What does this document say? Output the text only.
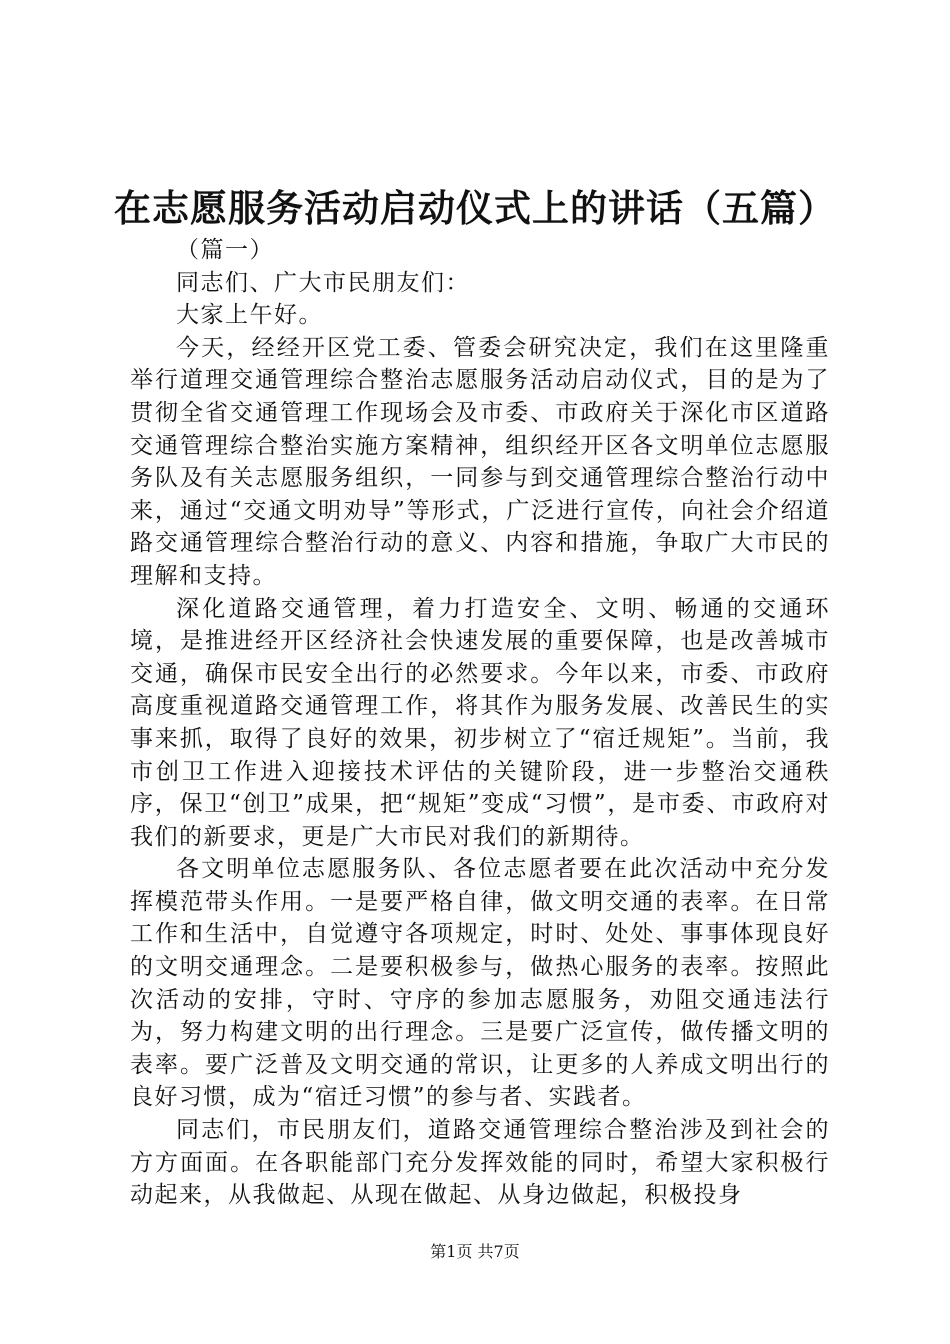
在志愿服务活动启动仪式上的讲话（五篇）

（篇一）

同志们、广大市民朋友们：

大家上午好。

今天，经经开区党工委、管委会研究决定，我们在这里隆重举行道理交通管理综合整治志愿服务活动启动仪式，目的是为了贯彻全省交通管理工作现场会及市委、市政府关于深化市区道路交通管理综合整治实施方案精神，组织经开区各文明单位志愿服务队及有关志愿服务组织，一同参与到交通管理综合整治行动中来，通过“交通文明劝导”等形式，广泛进行宣传，向社会介绍道路交通管理综合整治行动的意义、内容和措施，争取广大市民的理解和支持。

深化道路交通管理，着力打造安全、文明、畅通的交通环境，是推进经开区经济社会快速发展的重要保障，也是改善城市交通，确保市民安全出行的必然要求。今年以来，市委、市政府高度重视道路交通管理工作，将其作为服务发展、改善民生的实事来抓，取得了良好的效果，初步树立了“宿迁规矩”。当前，我市创卫工作进入迎接技术评估的关键阶段，进一步整治交通秩序，保卫“创卫”成果，把“规矩”变成“习惯”，是市委、市政府对我们的新要求，更是广大市民对我们的新期待。

各文明单位志愿服务队、各位志愿者要在此次活动中充分发挥模范带头作用。一是要严格自律，做文明交通的表率。在日常工作和生活中，自觉遵守各项规定，时时、处处、事事体现良好的文明交通理念。二是要积极参与，做热心服务的表率。按照此次活动的安排，守时、守序的参加志愿服务，劝阻交通违法行为，努力构建文明的出行理念。三是要广泛宣传，做传播文明的表率。要广泛普及文明交通的常识，让更多的人养成文明出行的良好习惯，成为“宿迁习惯”的参与者、实践者。

同志们，市民朋友们，道路交通管理综合整治涉及到社会的方方面面。在各职能部门充分发挥效能的同时，希望大家积极行动起来，从我做起、从现在做起、从身边做起，积极投身

第1页 共7页
